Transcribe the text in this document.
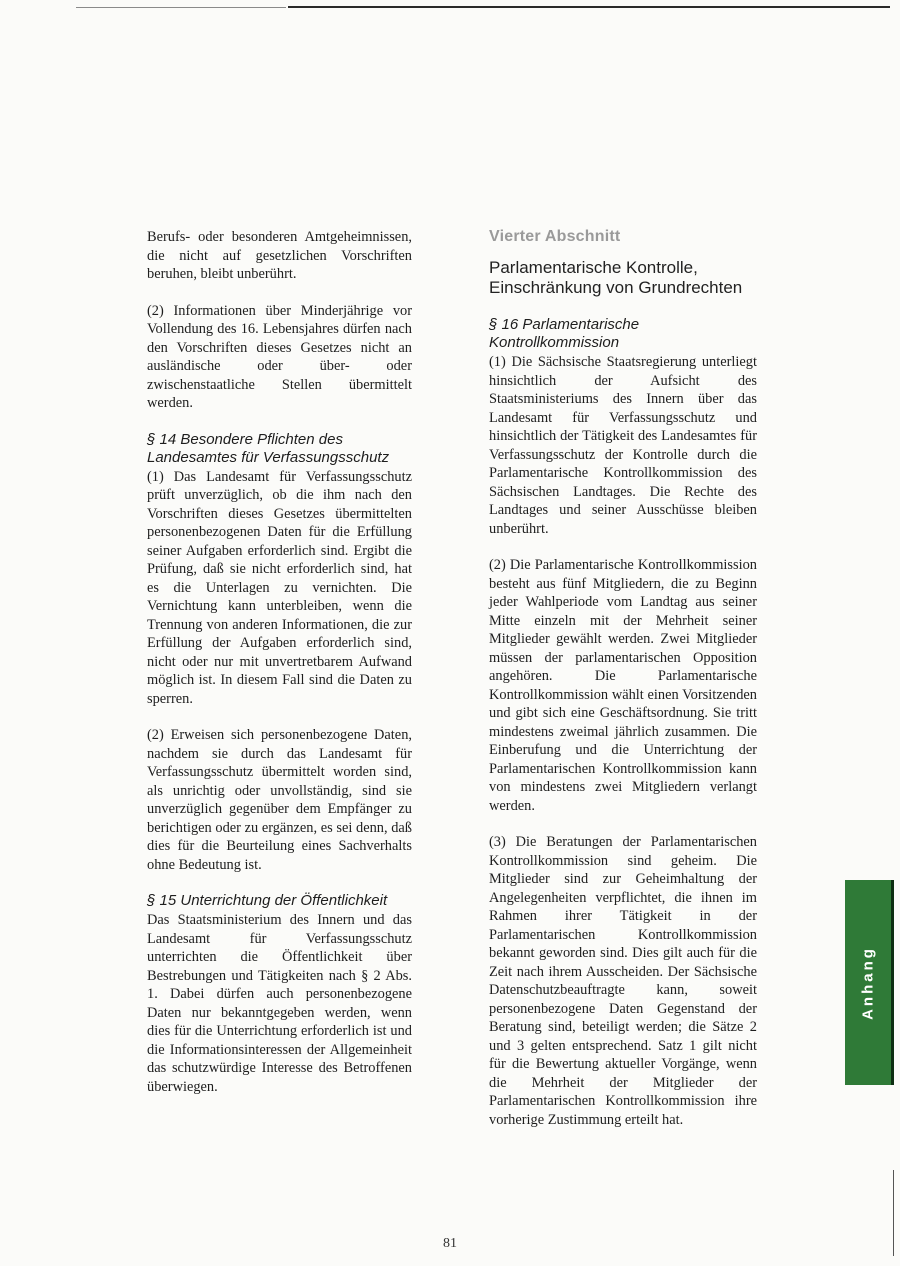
Berufs- oder besonderen Amtgeheimnissen, die nicht auf gesetzlichen Vorschriften beruhen, bleibt unberührt.

(2) Informationen über Minderjährige vor Vollendung des 16. Lebensjahres dürfen nach den Vorschriften dieses Gesetzes nicht an ausländische oder über- oder zwischenstaatliche Stellen übermittelt werden.

§ 14 Besondere Pflichten des Landesamtes für Verfassungsschutz

(1) Das Landesamt für Verfassungsschutz prüft unverzüglich, ob die ihm nach den Vorschriften dieses Gesetzes übermittelten personenbezogenen Daten für die Erfüllung seiner Aufgaben erforderlich sind. Ergibt die Prüfung, daß sie nicht erforderlich sind, hat es die Unterlagen zu vernichten. Die Vernichtung kann unterbleiben, wenn die Trennung von anderen Informationen, die zur Erfüllung der Aufgaben erforderlich sind, nicht oder nur mit unvertretbarem Aufwand möglich ist. In diesem Fall sind die Daten zu sperren.

(2) Erweisen sich personenbezogene Daten, nachdem sie durch das Landesamt für Verfassungsschutz übermittelt worden sind, als unrichtig oder unvollständig, sind sie unverzüglich gegenüber dem Empfänger zu berichtigen oder zu ergänzen, es sei denn, daß dies für die Beurteilung eines Sachverhalts ohne Bedeutung ist.

§ 15 Unterrichtung der Öffentlichkeit

Das Staatsministerium des Innern und das Landesamt für Verfassungsschutz unterrichten die Öffentlichkeit über Bestrebungen und Tätigkeiten nach § 2 Abs. 1. Dabei dürfen auch personenbezogene Daten nur bekanntgegeben werden, wenn dies für die Unterrichtung erforderlich ist und die Informationsinteressen der Allgemeinheit das schutzwürdige Interesse des Betroffenen überwiegen.

Vierter Abschnitt
Parlamentarische Kontrolle, Einschränkung von Grundrechten
§ 16 Parlamentarische Kontrollkommission

(1) Die Sächsische Staatsregierung unterliegt hinsichtlich der Aufsicht des Staatsministeriums des Innern über das Landesamt für Verfassungsschutz und hinsichtlich der Tätigkeit des Landesamtes für Verfassungsschutz der Kontrolle durch die Parlamentarische Kontrollkommission des Sächsischen Landtages. Die Rechte des Landtages und seiner Ausschüsse bleiben unberührt.

(2) Die Parlamentarische Kontrollkommission besteht aus fünf Mitgliedern, die zu Beginn jeder Wahlperiode vom Landtag aus seiner Mitte einzeln mit der Mehrheit seiner Mitglieder gewählt werden. Zwei Mitglieder müssen der parlamentarischen Opposition angehören. Die Parlamentarische Kontrollkommission wählt einen Vorsitzenden und gibt sich eine Geschäftsordnung. Sie tritt mindestens zweimal jährlich zusammen. Die Einberufung und die Unterrichtung der Parlamentarischen Kontrollkommission kann von mindestens zwei Mitgliedern verlangt werden.

(3) Die Beratungen der Parlamentarischen Kontrollkommission sind geheim. Die Mitglieder sind zur Geheimhaltung der Angelegenheiten verpflichtet, die ihnen im Rahmen ihrer Tätigkeit in der Parlamentarischen Kontrollkommission bekannt geworden sind. Dies gilt auch für die Zeit nach ihrem Ausscheiden. Der Sächsische Datenschutzbeauftragte kann, soweit personenbezogene Daten Gegenstand der Beratung sind, beteiligt werden; die Sätze 2 und 3 gelten entsprechend. Satz 1 gilt nicht für die Bewertung aktueller Vorgänge, wenn die Mehrheit der Mitglieder der Parlamentarischen Kontrollkommission ihre vorherige Zustimmung erteilt hat.

Anhang
81
